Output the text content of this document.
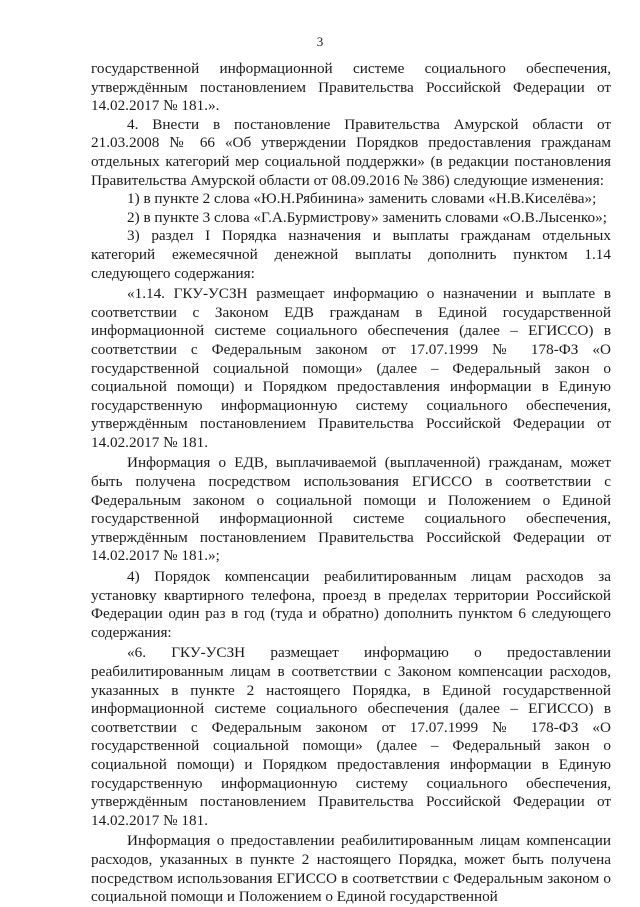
3

государственной информационной системе социального обеспечения, утверждённым постановлением Правительства Российской Федерации от 14.02.2017 № 181.».

4. Внести в постановление Правительства Амурской области от 21.03.2008 № 66 «Об утверждении Порядков предоставления гражданам отдельных категорий мер социальной поддержки» (в редакции постановления Правительства Амурской области от 08.09.2016 № 386) следующие изменения:

1) в пункте 2 слова «Ю.Н.Рябинина» заменить словами «Н.В.Киселёва»;

2) в пункте 3 слова «Г.А.Бурмистрову» заменить словами «О.В.Лысенко»;

3) раздел I Порядка назначения и выплаты гражданам отдельных категорий ежемесячной денежной выплаты дополнить пунктом 1.14 следующего содержания:

«1.14. ГКУ-УСЗН размещает информацию о назначении и выплате в соответствии с Законом ЕДВ гражданам в Единой государственной информационной системе социального обеспечения (далее – ЕГИССО) в соответствии с Федеральным законом от 17.07.1999 № 178-ФЗ «О государственной социальной помощи» (далее – Федеральный закон о социальной помощи) и Порядком предоставления информации в Единую государственную информационную систему социального обеспечения, утверждённым постановлением Правительства Российской Федерации от 14.02.2017 № 181.

Информация о ЕДВ, выплачиваемой (выплаченной) гражданам, может быть получена посредством использования ЕГИССО в соответствии с Федеральным законом о социальной помощи и Положением о Единой государственной информационной системе социального обеспечения, утверждённым постановлением Правительства Российской Федерации от 14.02.2017 № 181.»;

4) Порядок компенсации реабилитированным лицам расходов за установку квартирного телефона, проезд в пределах территории Российской Федерации один раз в год (туда и обратно) дополнить пунктом 6 следующего содержания:

«6. ГКУ-УСЗН размещает информацию о предоставлении реабилитированным лицам в соответствии с Законом компенсации расходов, указанных в пункте 2 настоящего Порядка, в Единой государственной информационной системе социального обеспечения (далее – ЕГИССО) в соответствии с Федеральным законом от 17.07.1999 № 178-ФЗ «О государственной социальной помощи» (далее – Федеральный закон о социальной помощи) и Порядком предоставления информации в Единую государственную информационную систему социального обеспечения, утверждённым постановлением Правительства Российской Федерации от 14.02.2017 № 181.

Информация о предоставлении реабилитированным лицам компенсации расходов, указанных в пункте 2 настоящего Порядка, может быть получена посредством использования ЕГИССО в соответствии с Федеральным законом о социальной помощи и Положением о Единой государственной
